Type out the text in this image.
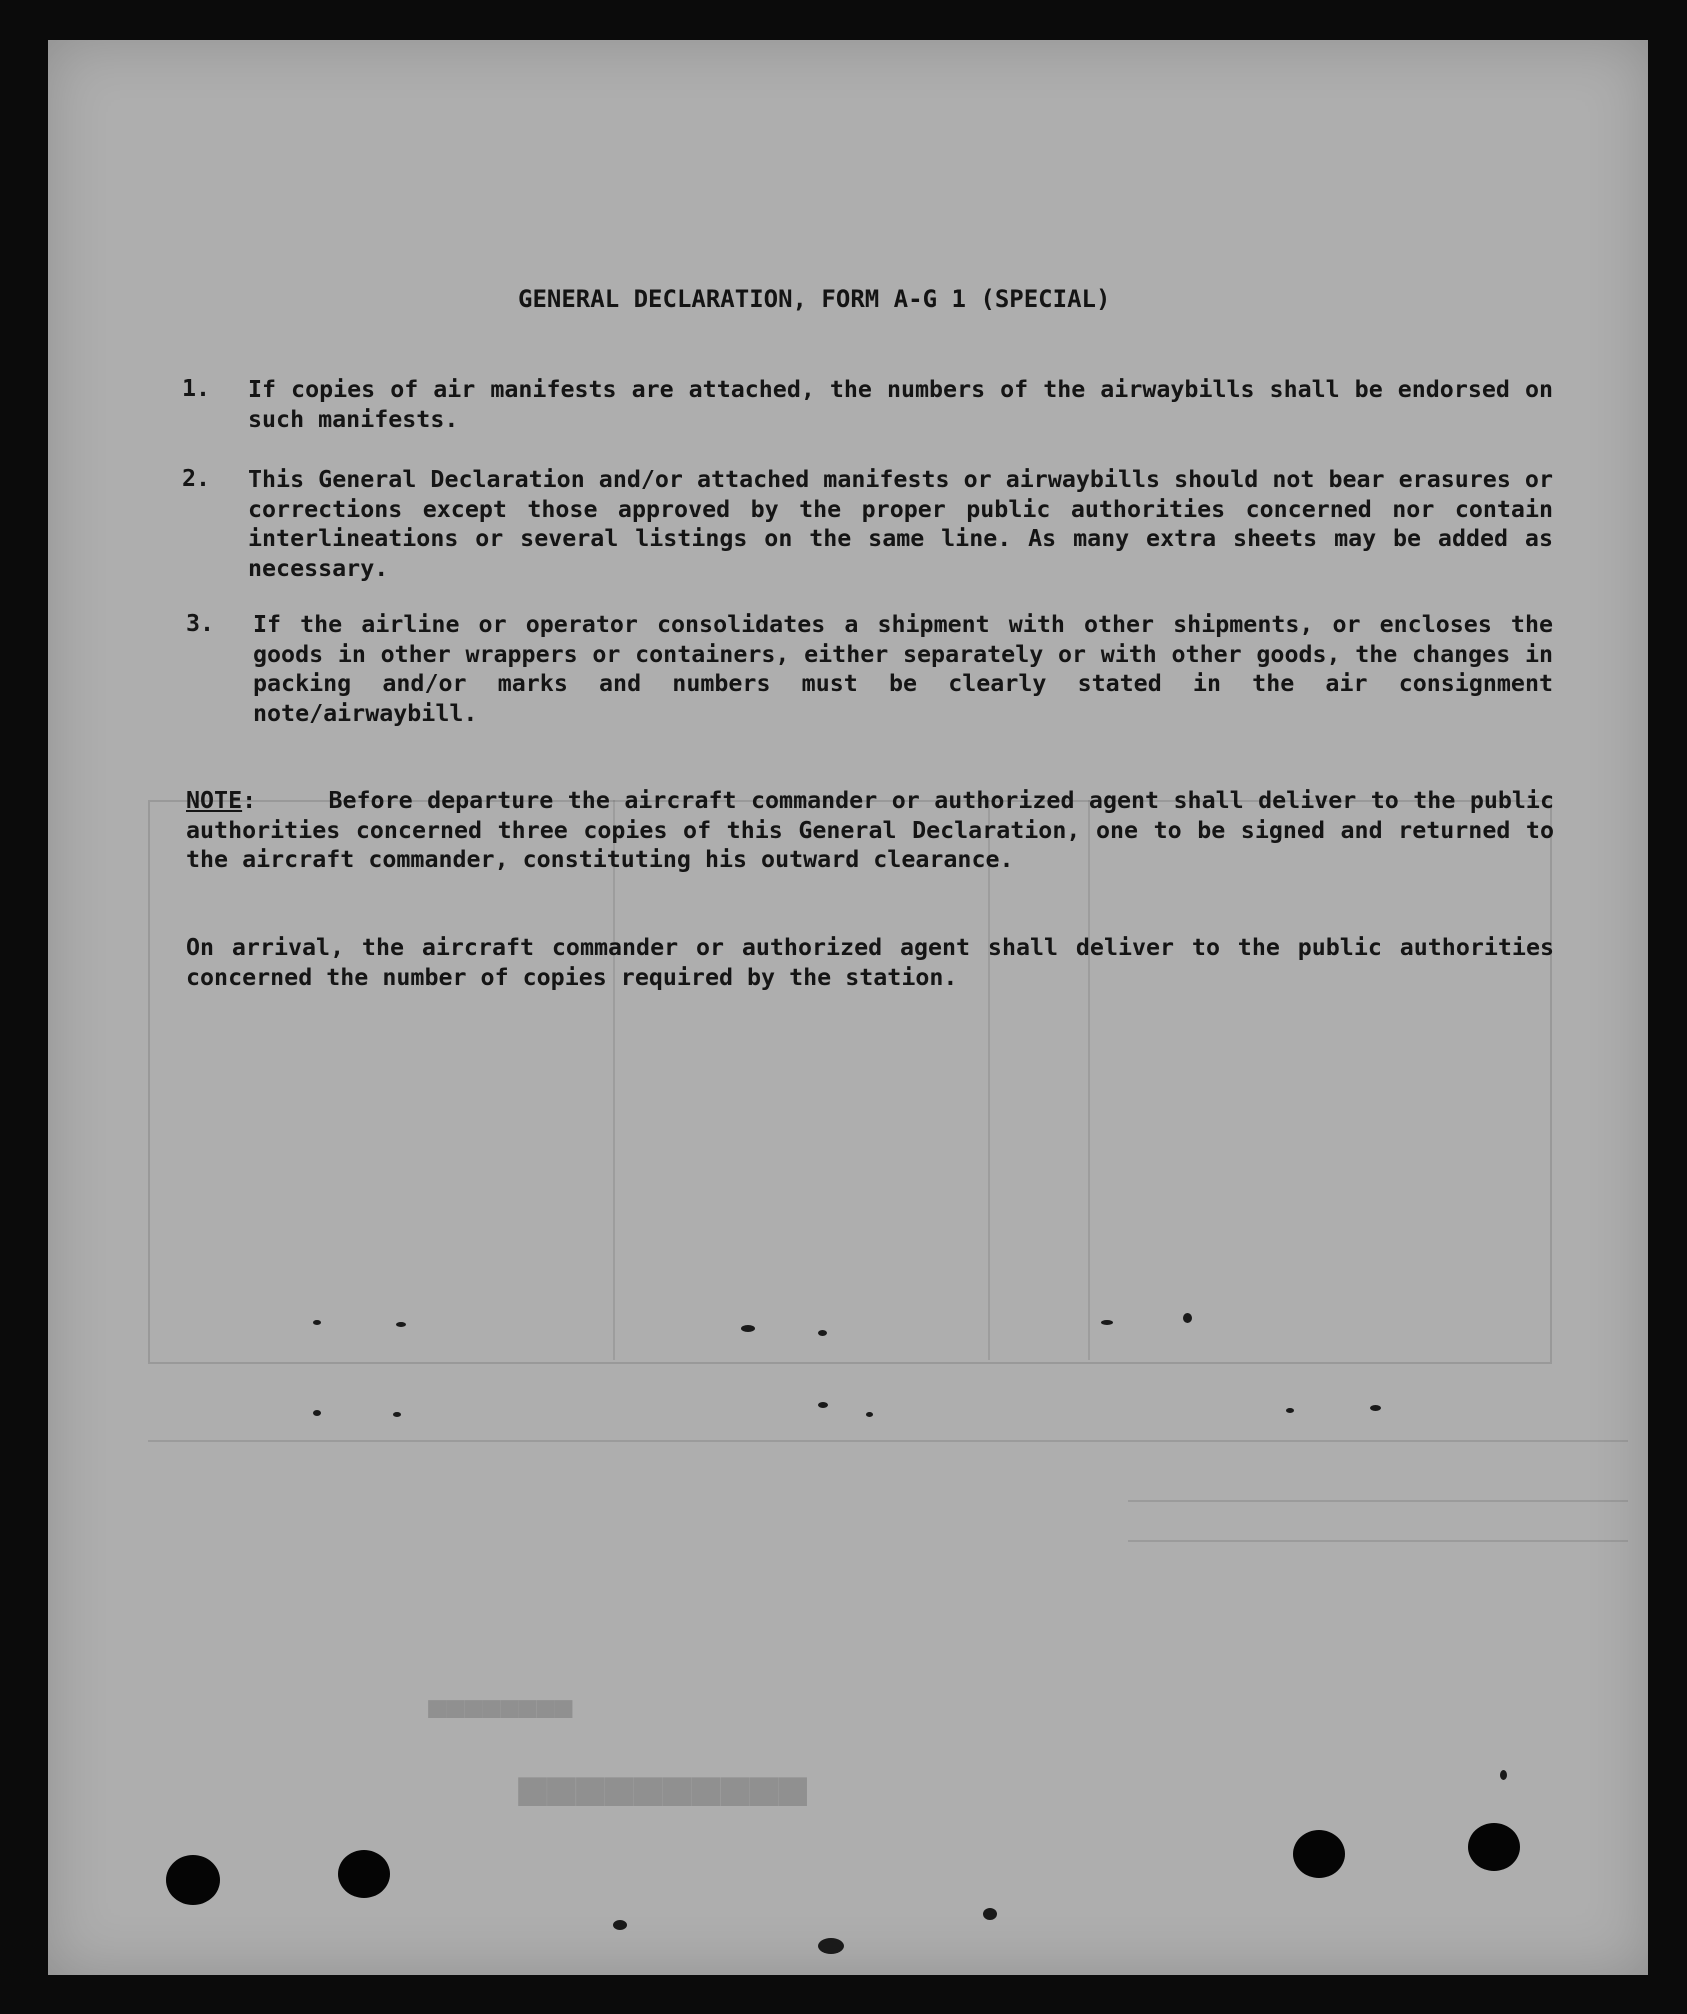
■■■■■■■■
■■■■■■■■■■
GENERAL DECLARATION, FORM A-G 1 (SPECIAL)
1. If copies of air manifests are attached, the numbers of the airwaybills shall be endorsed on such manifests.
2. This General Declaration and/or attached manifests or airwaybills should not bear erasures or corrections except those approved by the proper public authorities concerned nor contain interlineations or several listings on the same line. As many extra sheets may be added as necessary.
3. If the airline or operator consolidates a shipment with other shipments, or encloses the goods in other wrappers or containers, either separately or with other goods, the changes in packing and/or marks and numbers must be clearly stated in the air consignment note/airwaybill.
NOTE:	Before departure the aircraft commander or authorized agent shall deliver to the public authorities concerned three copies of this General Declaration, one to be signed and returned to the aircraft commander, constituting his outward clearance.
On arrival, the aircraft commander or authorized agent shall deliver to the public authorities concerned the number of copies required by the station.
